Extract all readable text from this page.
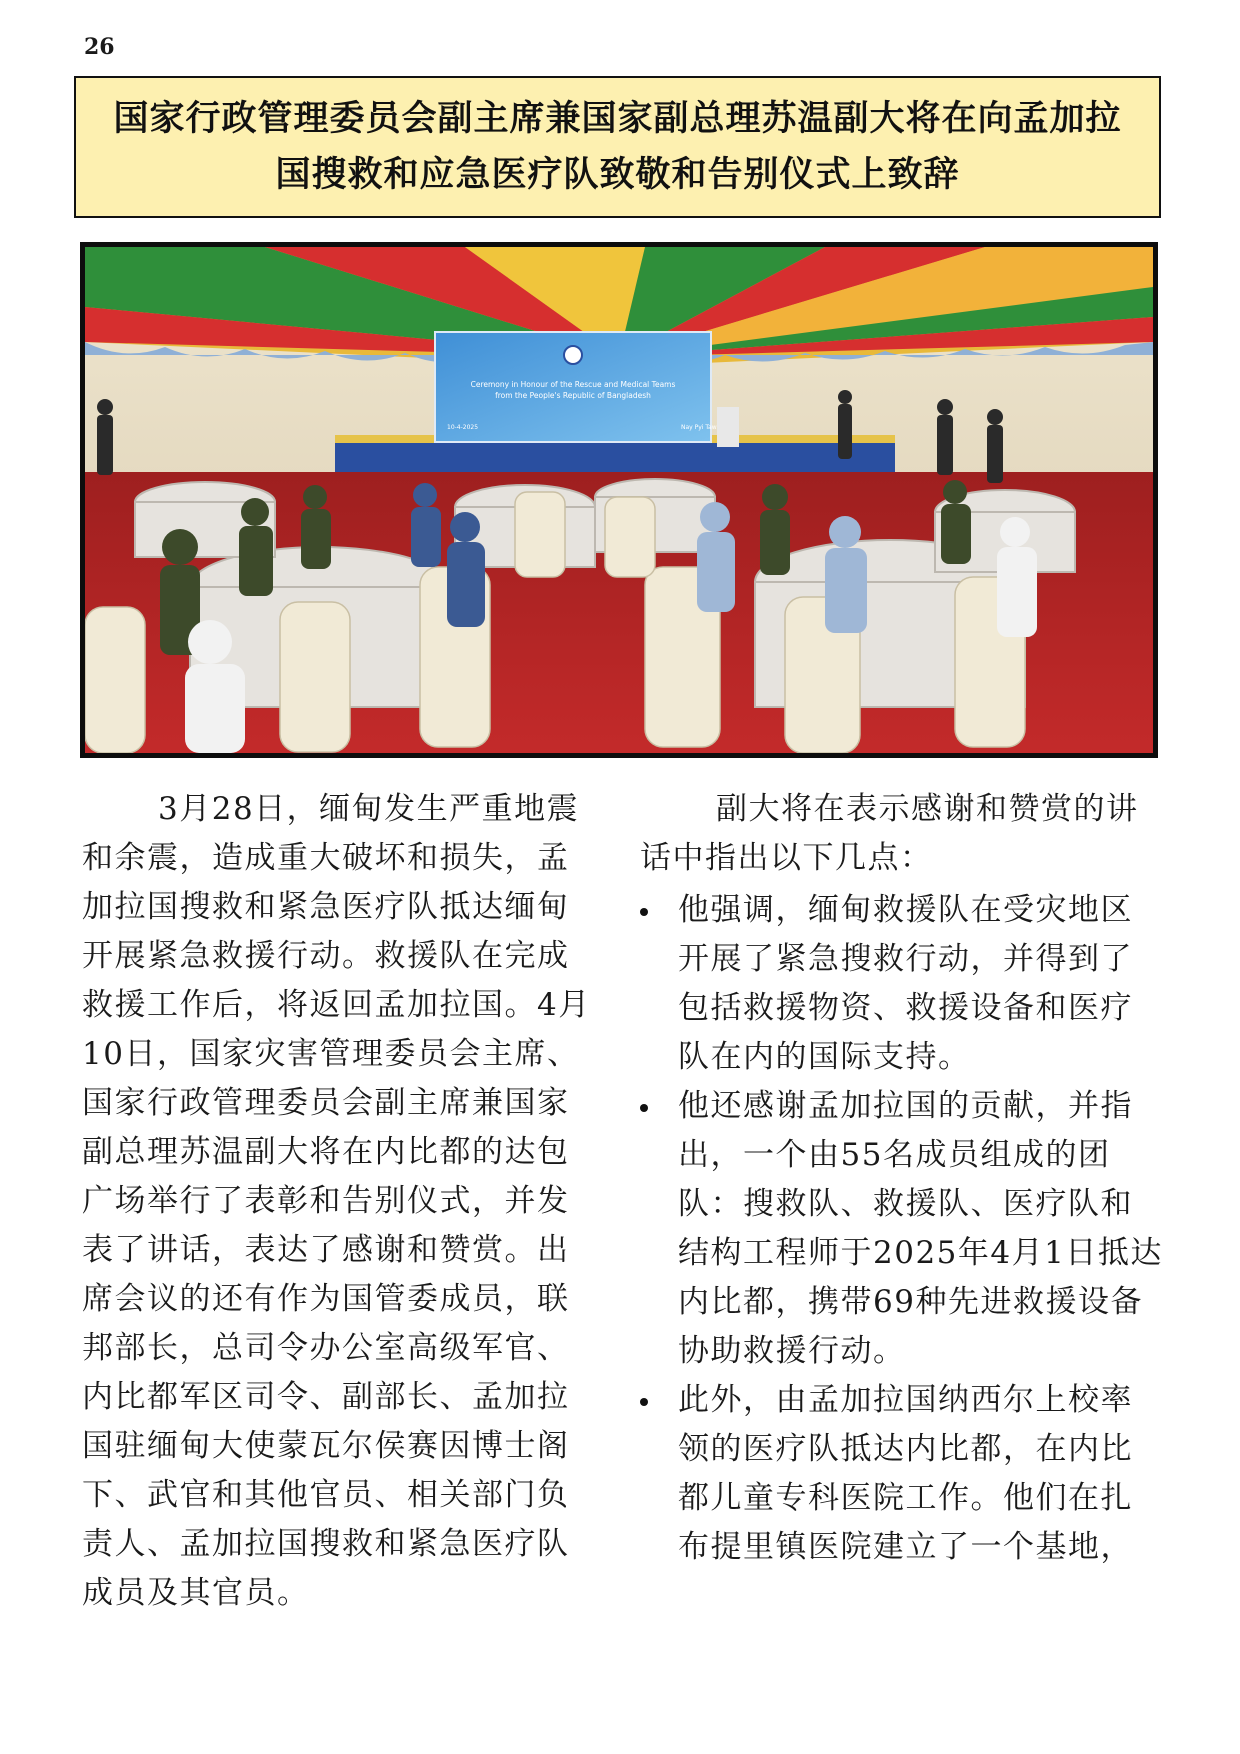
26
国家行政管理委员会副主席兼国家副总理苏温副大将在向孟加拉
国搜救和应急医疗队致敬和告别仪式上致辞
Ceremony in Honour of the Rescue and Medical Teams
from the People's Republic of Bangladesh
10-4-2025	Nay Pyi Taw

3月28日，缅甸发生严重地震

和余震，造成重大破坏和损失，孟
加拉国搜救和紧急医疗队抵达缅甸
开展紧急救援行动。救援队在完成
救援工作后，将返回孟加拉国。4月
10日，国家灾害管理委员会主席、
国家行政管理委员会副主席兼国家
副总理苏温副大将在内比都的达包
广场举行了表彰和告别仪式，并发
表了讲话，表达了感谢和赞赏。出
席会议的还有作为国管委成员，联
邦部长，总司令办公室高级军官、
内比都军区司令、副部长、孟加拉
国驻缅甸大使蒙瓦尔侯赛因博士阁
下、武官和其他官员、相关部门负
责人、孟加拉国搜救和紧急医疗队
成员及其官员。

副大将在表示感谢和赞赏的讲

话中指出以下几点：
他强调，缅甸救援队在受灾地区
开展了紧急搜救行动，并得到了
包括救援物资、救援设备和医疗
队在内的国际支持。
他还感谢孟加拉国的贡献，并指
出，一个由55名成员组成的团
队：搜救队、救援队、医疗队和
结构工程师于2025年4月1日抵达
内比都，携带69种先进救援设备
协助救援行动。
此外，由孟加拉国纳西尔上校率
领的医疗队抵达内比都，在内比
都儿童专科医院工作。他们在扎
布提里镇医院建立了一个基地，
